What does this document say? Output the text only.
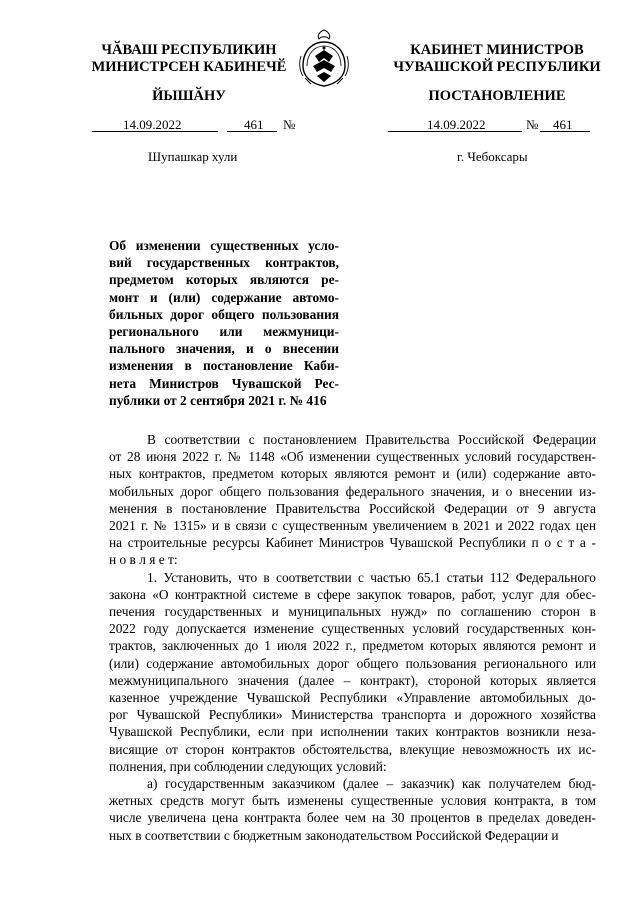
ЧӐВАШ РЕСПУБЛИКИН
МИНИСТРСЕН КАБИНЕЧӖ
ЙЫШӐНУ
КАБИНЕТ МИНИСТРОВ
ЧУВАШСКОЙ РЕСПУБЛИКИ
ПОСТАНОВЛЕНИЕ
14.09.2022	461 №	14.09.2022	№ 461
Шупашкар хули	г. Чебоксары
Об изменении существенных усло-
вий государственных контрактов,
предметом которых являются ре-
монт и (или) содержание автомо-
бильных дорог общего пользования
регионального или межмуници-
пального значения, и о внесении
изменения в постановление Каби-
нета Министров Чувашской Рес-
публики от 2 сентября 2021 г. № 416
В соответствии с постановлением Правительства Российской Федерации
от 28 июня 2022 г. № 1148 «Об изменении существенных условий государствен-
ных контрактов, предметом которых являются ремонт и (или) содержание авто-
мобильных дорог общего пользования федерального значения, и о внесении из-
менения в постановление Правительства Российской Федерации от 9 августа
2021 г. № 1315» и в связи с существенным увеличением в 2021 и 2022 годах цен
на строительные ресурсы Кабинет Министров Чувашской Республики п о с т а -
н о в л я е т:
1. Установить, что в соответствии с частью 65.1 статьи 112 Федерального
закона «О контрактной системе в сфере закупок товаров, работ, услуг для обес-
печения государственных и муниципальных нужд» по соглашению сторон в
2022 году допускается изменение существенных условий государственных кон-
трактов, заключенных до 1 июля 2022 г., предметом которых являются ремонт и
(или) содержание автомобильных дорог общего пользования регионального или
межмуниципального значения (далее – контракт), стороной которых является
казенное учреждение Чувашской Республики «Управление автомобильных до-
рог Чувашской Республики» Министерства транспорта и дорожного хозяйства
Чувашской Республики, если при исполнении таких контрактов возникли неза-
висящие от сторон контрактов обстоятельства, влекущие невозможность их ис-
полнения, при соблюдении следующих условий:
а) государственным заказчиком (далее – заказчик) как получателем бюд-
жетных средств могут быть изменены существенные условия контракта, в том
числе увеличена цена контракта более чем на 30 процентов в пределах доведен-
ных в соответствии с бюджетным законодательством Российской Федерации и
